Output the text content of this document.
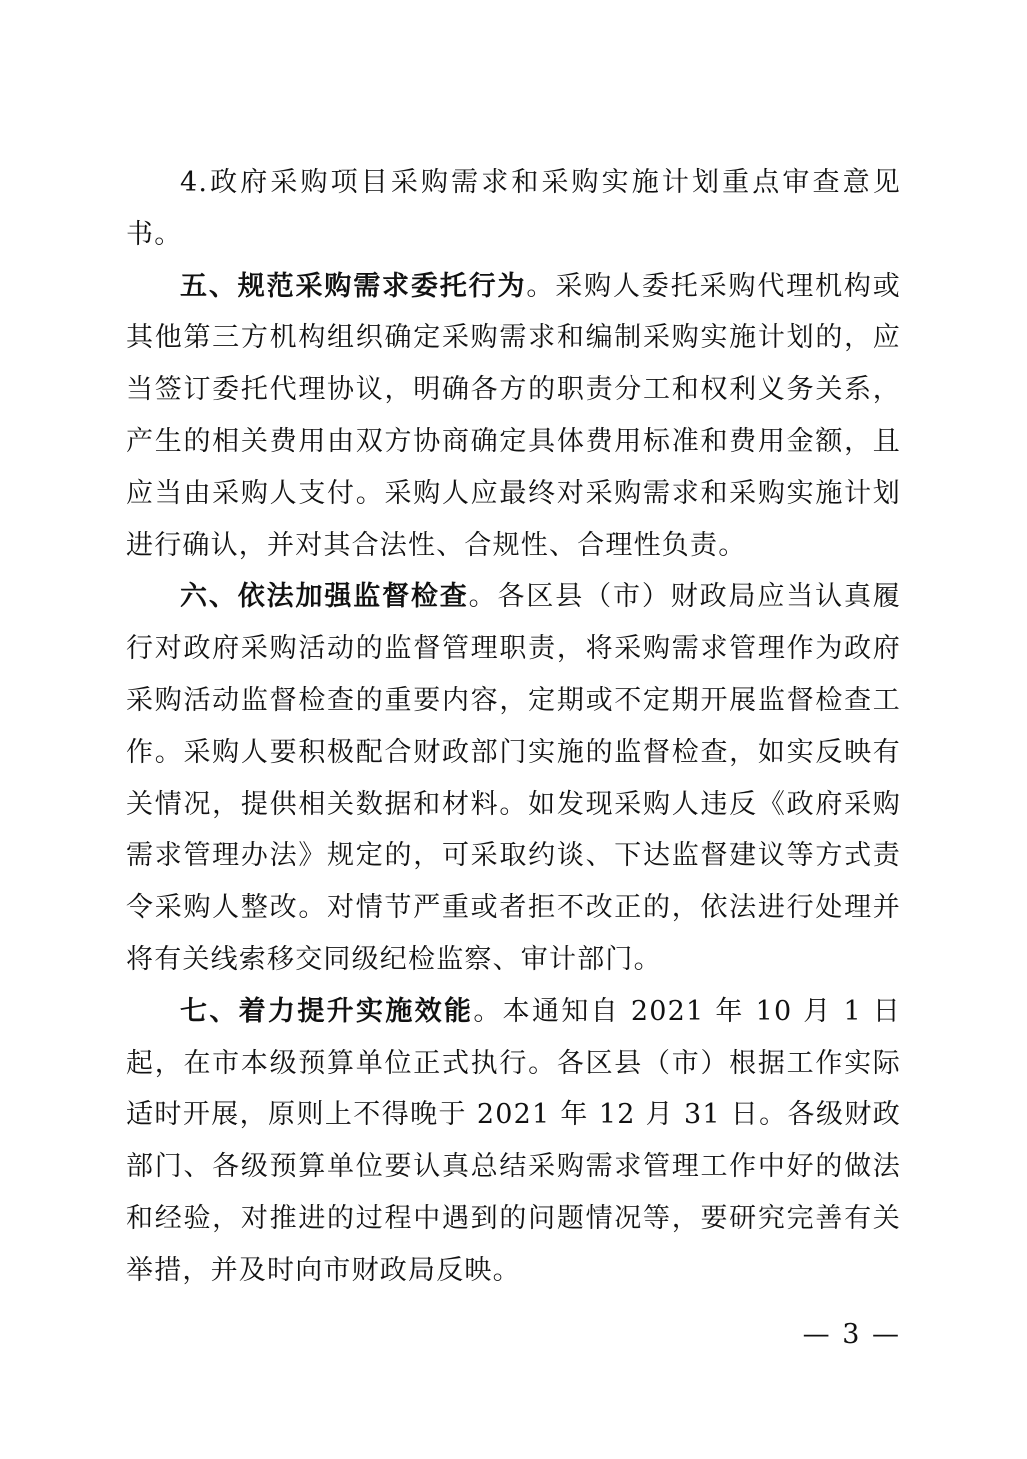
4.政府采购项目采购需求和采购实施计划重点审查意见书。

五、规范采购需求委托行为。采购人委托采购代理机构或其他第三方机构组织确定采购需求和编制采购实施计划的，应当签订委托代理协议，明确各方的职责分工和权利义务关系，产生的相关费用由双方协商确定具体费用标准和费用金额，且应当由采购人支付。采购人应最终对采购需求和采购实施计划进行确认，并对其合法性、合规性、合理性负责。

六、依法加强监督检查。各区县（市）财政局应当认真履行对政府采购活动的监督管理职责，将采购需求管理作为政府采购活动监督检查的重要内容，定期或不定期开展监督检查工作。采购人要积极配合财政部门实施的监督检查，如实反映有关情况，提供相关数据和材料。如发现采购人违反《政府采购需求管理办法》规定的，可采取约谈、下达监督建议等方式责令采购人整改。对情节严重或者拒不改正的，依法进行处理并将有关线索移交同级纪检监察、审计部门。

七、着力提升实施效能。本通知自 2021 年 10 月 1 日起，在市本级预算单位正式执行。各区县（市）根据工作实际适时开展，原则上不得晚于 2021 年 12 月 31 日。各级财政部门、各级预算单位要认真总结采购需求管理工作中好的做法和经验，对推进的过程中遇到的问题情况等，要研究完善有关举措，并及时向市财政局反映。

— 3 —
